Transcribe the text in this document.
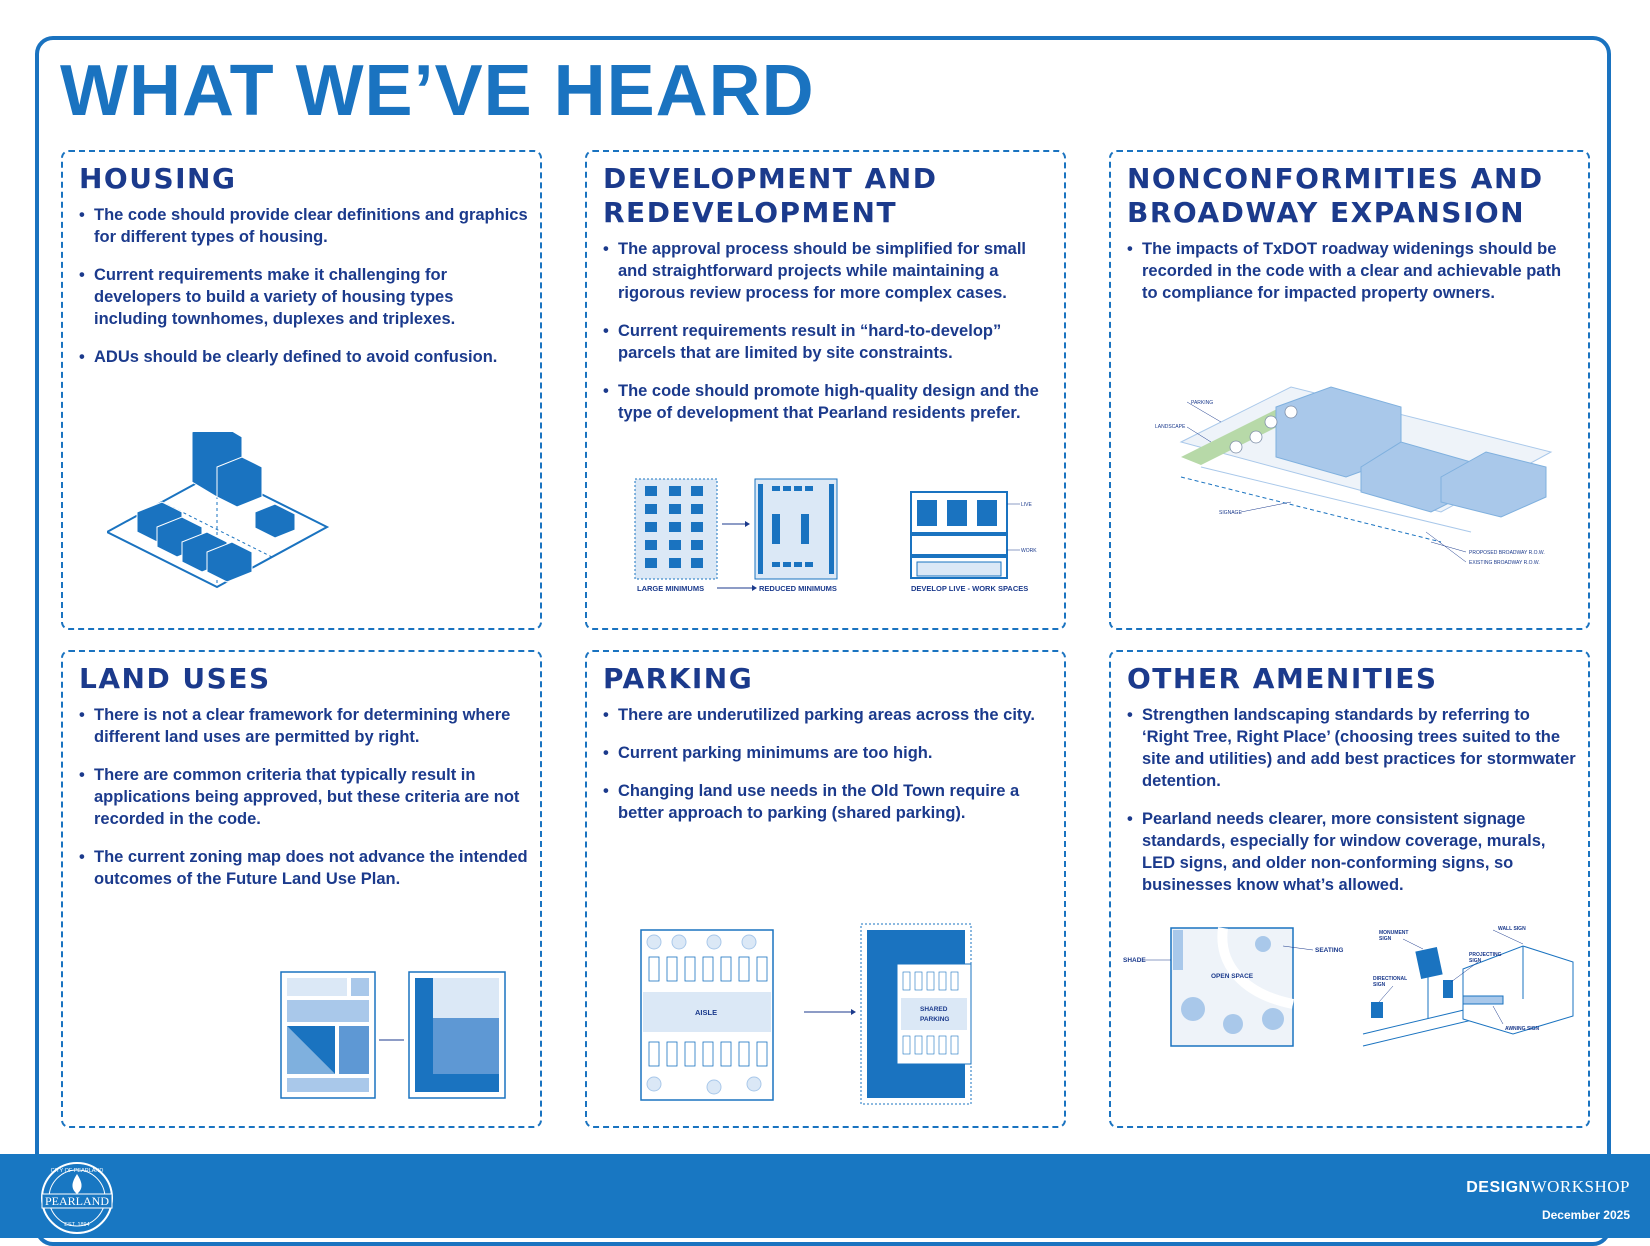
WHAT WE’VE HEARD
HOUSING
• The code should provide clear definitions and graphics for different types of housing.
• Current requirements make it challenging for developers to build a variety of housing types including townhomes, duplexes and triplexes.
• ADUs should be clearly defined to avoid confusion.
DEVELOPMENT AND
REDEVELOPMENT
• The approval process should be simplified for small and straightforward projects while maintaining a rigorous review process for more complex cases.
• Current requirements result in “hard-to-develop” parcels that are limited by site constraints.
• The code should promote high-quality design and the type of development that Pearland residents prefer.
LARGE MINIMUMS	REDUCED MINIMUMS
LIVE
WORK
DEVELOP LIVE - WORK SPACES
NONCONFORMITIES AND
BROADWAY EXPANSION
• The impacts of TxDOT roadway widenings should be recorded in the code with a clear and achievable path to compliance for impacted property owners.
PARKING
LANDSCAPE
SIGNAGE
PROPOSED BROADWAY R.O.W.
EXISTING BROADWAY R.O.W.
LAND USES
• There is not a clear framework for determining where different land uses are permitted by right.
• There are common criteria that typically result in applications being approved, but these criteria are not recorded in the code.
• The current zoning map does not advance the intended outcomes of the Future Land Use Plan.
PARKING
• There are underutilized parking areas across the city.
• Current parking minimums are too high.
• Changing land use needs in the Old Town require a better approach to parking (shared parking).
AISLE	SHARED
PARKING
OTHER AMENITIES
• Strengthen landscaping standards by referring to ‘Right Tree, Right Place’ (choosing trees suited to the site and utilities) and add best practices for stormwater detention.
• Pearland needs clearer, more consistent signage standards, especially for window coverage, murals, LED signs, and older non-conforming signs, so businesses know what’s allowed.
SHADE
OPEN SPACE
SEATING
MONUMENT
SIGN
WALL SIGN
PROJECTING
SIGN
DIRECTIONAL
SIGN
AWNING SIGN
PEARLAND
CITY OF PEARLAND
EST. 1894
DESIGNWORKSHOP
December 2025
